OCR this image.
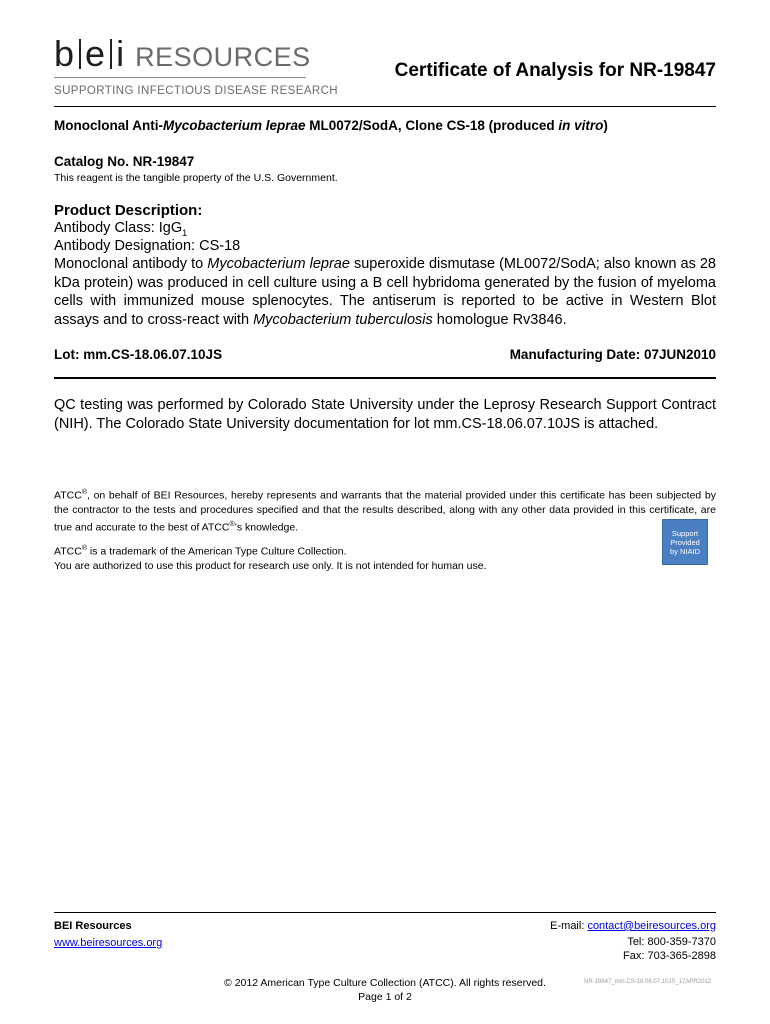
b e i RESOURCES
SUPPORTING INFECTIOUS DISEASE RESEARCH
Certificate of Analysis for NR-19847
Monoclonal Anti-Mycobacterium leprae ML0072/SodA, Clone CS-18 (produced in vitro)
Catalog No. NR-19847
This reagent is the tangible property of the U.S. Government.
Product Description:
Antibody Class: IgG$_1$
Antibody Designation: CS-18
Monoclonal antibody to Mycobacterium leprae superoxide dismutase (ML0072/SodA; also known as 28 kDa protein) was produced in cell culture using a B cell hybridoma generated by the fusion of myeloma cells with immunized mouse splenocytes. The antiserum is reported to be active in Western Blot assays and to cross-react with Mycobacterium tuberculosis homologue Rv3846.
Lot: mm.CS-18.06.07.10JS	Manufacturing Date: 07JUN2010
QC testing was performed by Colorado State University under the Leprosy Research Support Contract (NIH). The Colorado State University documentation for lot mm.CS-18.06.07.10JS is attached.
ATCC®, on behalf of BEI Resources, hereby represents and warrants that the material provided under this certificate has been subjected by the contractor to the tests and procedures specified and that the results described, along with any other data provided in this certificate, are true and accurate to the best of ATCC®’s knowledge.
ATCC® is a trademark of the American Type Culture Collection.
You are authorized to use this product for research use only. It is not intended for human use.
Support
Provided
by NIAID
BEI Resources
www.beiresources.org
E-mail: contact@beiresources.org
Tel: 800-359-7370
Fax: 703-365-2898
© 2012 American Type Culture Collection (ATCC). All rights reserved.
Page 1 of 2
NR-19847_mm.CS-18.06.07.10JS_17APR2012
